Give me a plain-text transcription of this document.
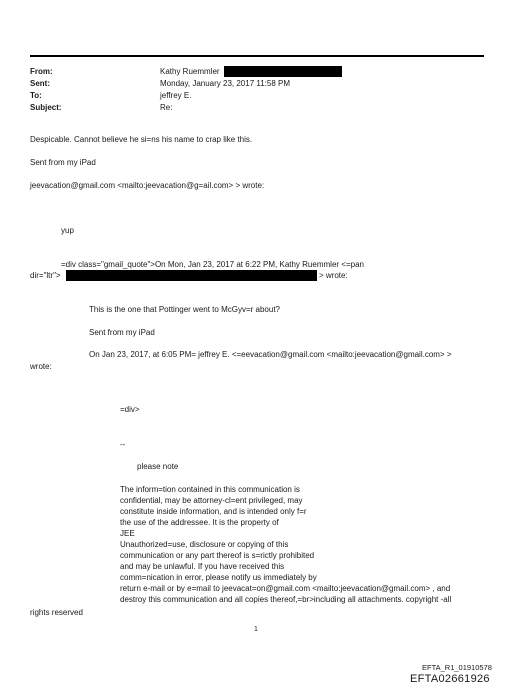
From:
Sent:
To:
Subject:
Kathy Ruemmler
Monday, January 23, 2017 11:58 PM
jeffrey E.
Re:
Despicable. Cannot believe he si=ns his name to crap like this.
Sent from my iPad
jeevacation@gmail.com <mailto:jeevacation@g=ail.com> > wrote:
yup
=div class="gmail_quote">On Mon, Jan 23, 2017 at 6:22 PM, Kathy Ruemmler <=pan
dir="ltr">	> wrote:
This is the one that Pottinger went to McGyv=r about?
Sent from my iPad
On Jan 23, 2017, at 6:05 PM= jeffrey E. <=eevacation@gmail.com <mailto:jeevacation@gmail.com> >
wrote:
=div>
--
please note
The inform=tion contained in this communication is
confidential, may be attorney-cl=ent privileged, may
constitute inside information, and is intended only f=r
the use of the addressee. It is the property of
JEE
Unauthorized=use, disclosure or copying of this
communication or any part thereof is s=rictly prohibited
and may be unlawful. If you have received this
comm=nication in error, please notify us immediately by
return e-mail or by e=mail to jeevacat=on@gmail.com <mailto:jeevacation@gmail.com> , and
destroy this communication and all copies thereof,=br>including all attachments. copyright -all
rights reserved
1
EFTA_R1_01910578
EFTA02661926
